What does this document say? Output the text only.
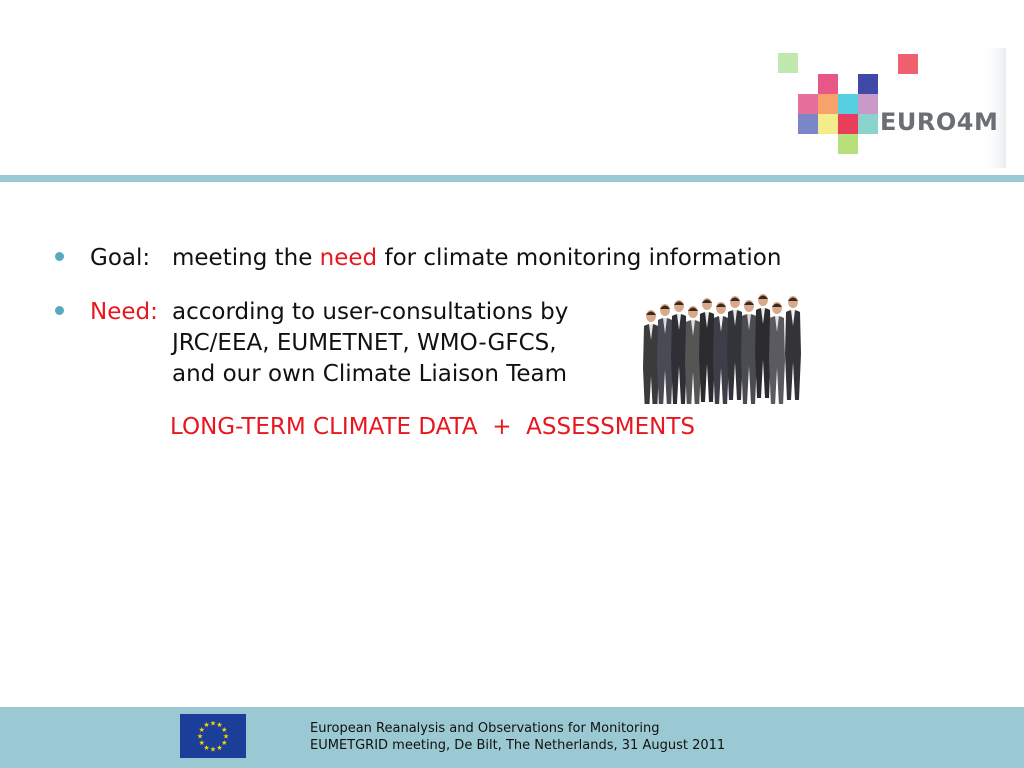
EURO4M
Goal: meeting the need for climate monitoring information
Need: according to user-consultations by
JRC/EEA, EUMETNET, WMO-GFCS,
and our own Climate Liaison Team
LONG-TERM CLIMATE DATA  +  ASSESSMENTS
★
★
★
★
★
★
★
★
★ ★ ★
★	European Reanalysis and Observations for Monitoring
EUMETGRID meeting, De Bilt, The Netherlands, 31 August 2011
